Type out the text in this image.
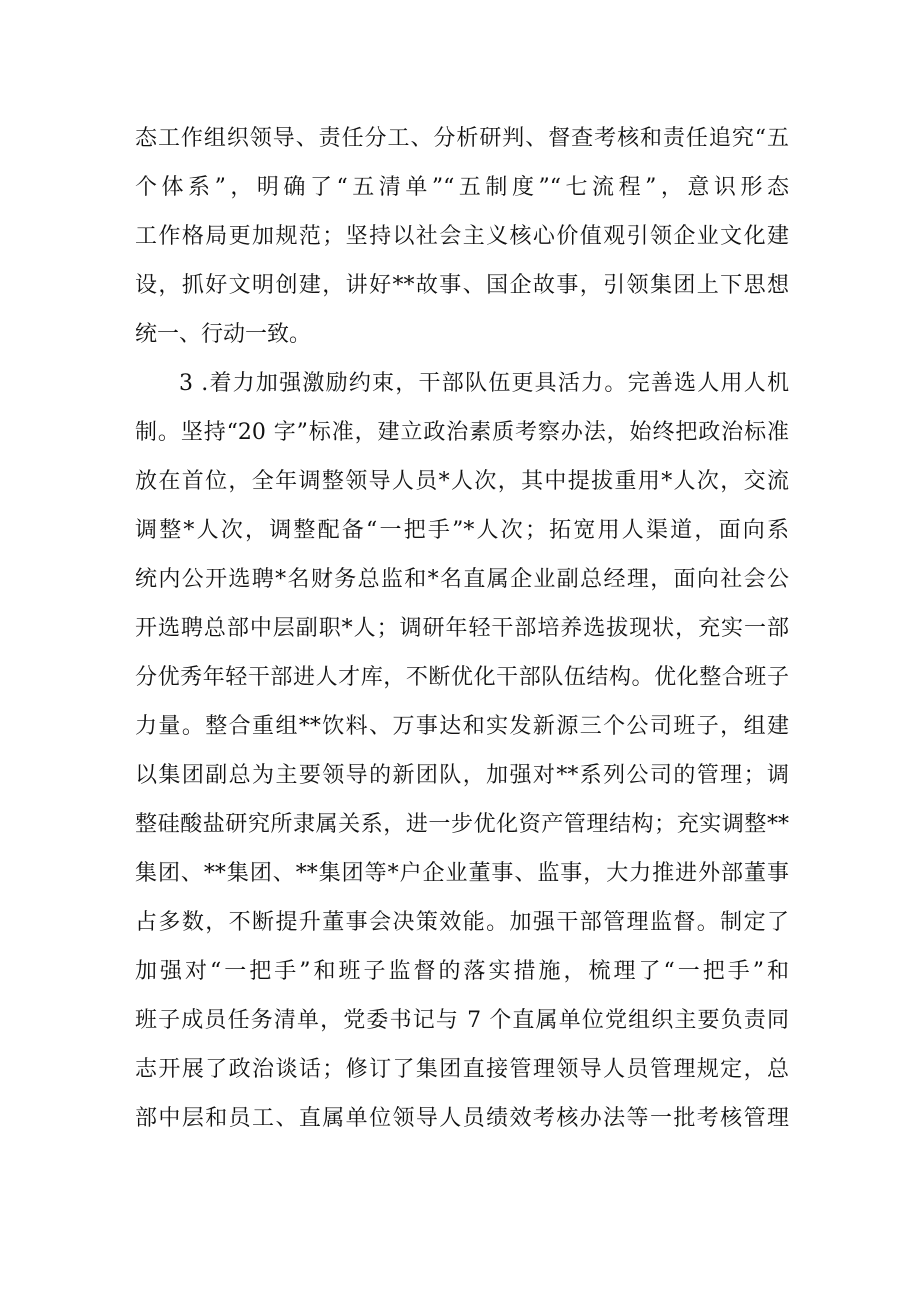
态工作组织领导、责任分工、分析研判、督查考核和责任追究“五
个体系”，明确了“五清单”“五制度”“七流程”，意识形态
工作格局更加规范；坚持以社会主义核心价值观引领企业文化建
设，抓好文明创建，讲好**故事、国企故事，引领集团上下思想
统一、行动一致。
3 .着力加强激励约束，干部队伍更具活力。完善选人用人机
制。坚持“20 字”标准，建立政治素质考察办法，始终把政治标准
放在首位，全年调整领导人员*人次，其中提拔重用*人次，交流
调整*人次，调整配备“一把手”*人次；拓宽用人渠道，面向系
统内公开选聘*名财务总监和*名直属企业副总经理，面向社会公
开选聘总部中层副职*人；调研年轻干部培养选拔现状，充实一部
分优秀年轻干部进人才库，不断优化干部队伍结构。优化整合班子
力量。整合重组**饮料、万事达和实发新源三个公司班子，组建
以集团副总为主要领导的新团队，加强对**系列公司的管理；调
整硅酸盐研究所隶属关系，进一步优化资产管理结构；充实调整**
集团、**集团、**集团等*户企业董事、监事，大力推进外部董事
占多数，不断提升董事会决策效能。加强干部管理监督。制定了
加强对“一把手”和班子监督的落实措施，梳理了“一把手”和
班子成员任务清单，党委书记与 7 个直属单位党组织主要负责同
志开展了政治谈话；修订了集团直接管理领导人员管理规定，总
部中层和员工、直属单位领导人员绩效考核办法等一批考核管理
